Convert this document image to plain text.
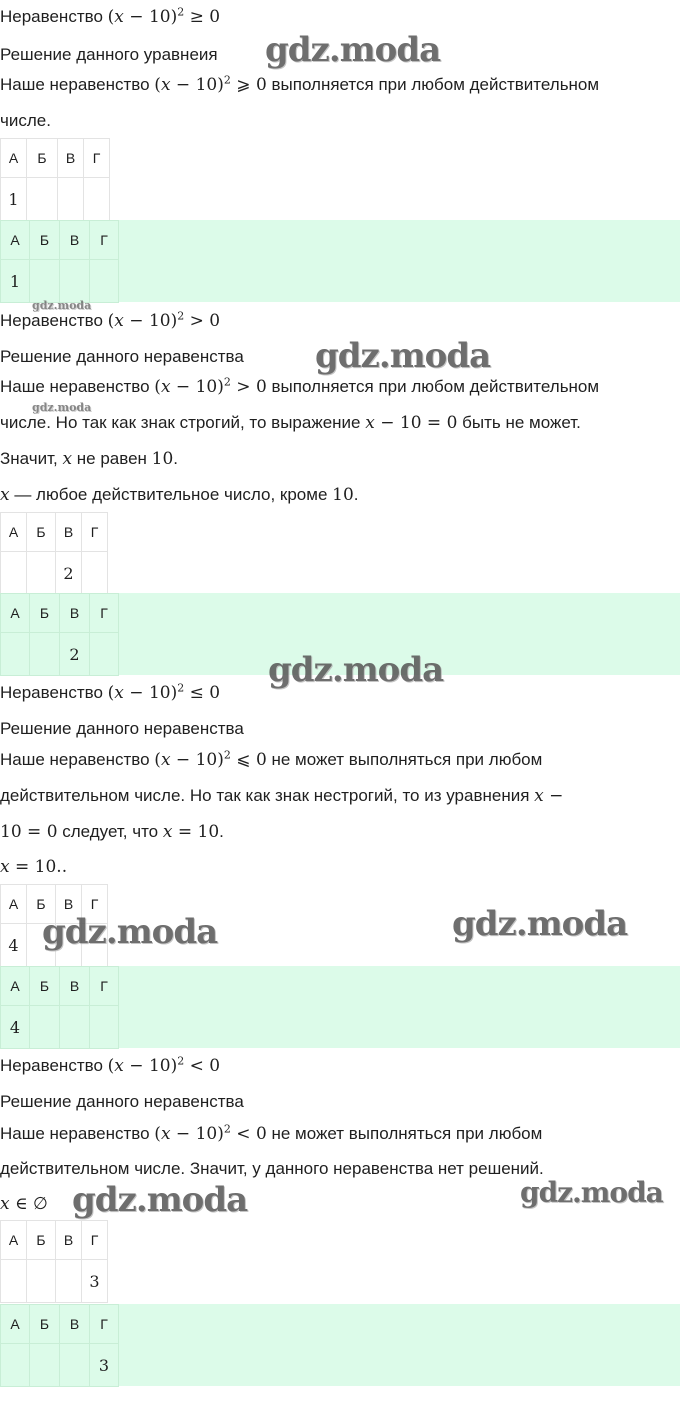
Неравенство $(x - 10)^2 \ge 0$
Решение данного уравнеия
Наше неравенство $(x - 10)^2$ ⩾ 0 выполняется при любом действительном
числе.
А	Б	В	Г
1			
А	Б	В	Г
1			
Неравенство $(x - 10)^2 > 0$
Решение данного неравенства
Наше неравенство $(x - 10)^2 > 0$ выполняется при любом действительном
числе. Но так как знак строгий, то выражение x − 10 = 0 быть не может.
Значит, x не равен 10.
x — любое действительное число, кроме 10.
А	Б	В	Г
		2	
А	Б	В	Г
		2	
Неравенство $(x - 10)^2 \le 0$
Решение данного неравенства
Наше неравенство $(x - 10)^2$ ⩽ 0 не может выполняться при любом
действительном числе. Но так как знак нестрогий, то из уравнения x −
10 = 0 следует, что x = 10.
x = 10..
А	Б	В	Г
4			
А	Б	В	Г
4			
Неравенство $(x - 10)^2 < 0$
Решение данного неравенства
Наше неравенство $(x - 10)^2 < 0$ не может выполняться при любом
действительном числе. Значит, у данного неравенства нет решений.
x ∈ ∅
А	Б	В	Г
			3
А	Б	В	Г
			3
gdz.moda
gdz.moda
gdz.moda
gdz.moda
gdz.moda
gdz.moda	gdz.moda
gdz.moda	gdz.moda
